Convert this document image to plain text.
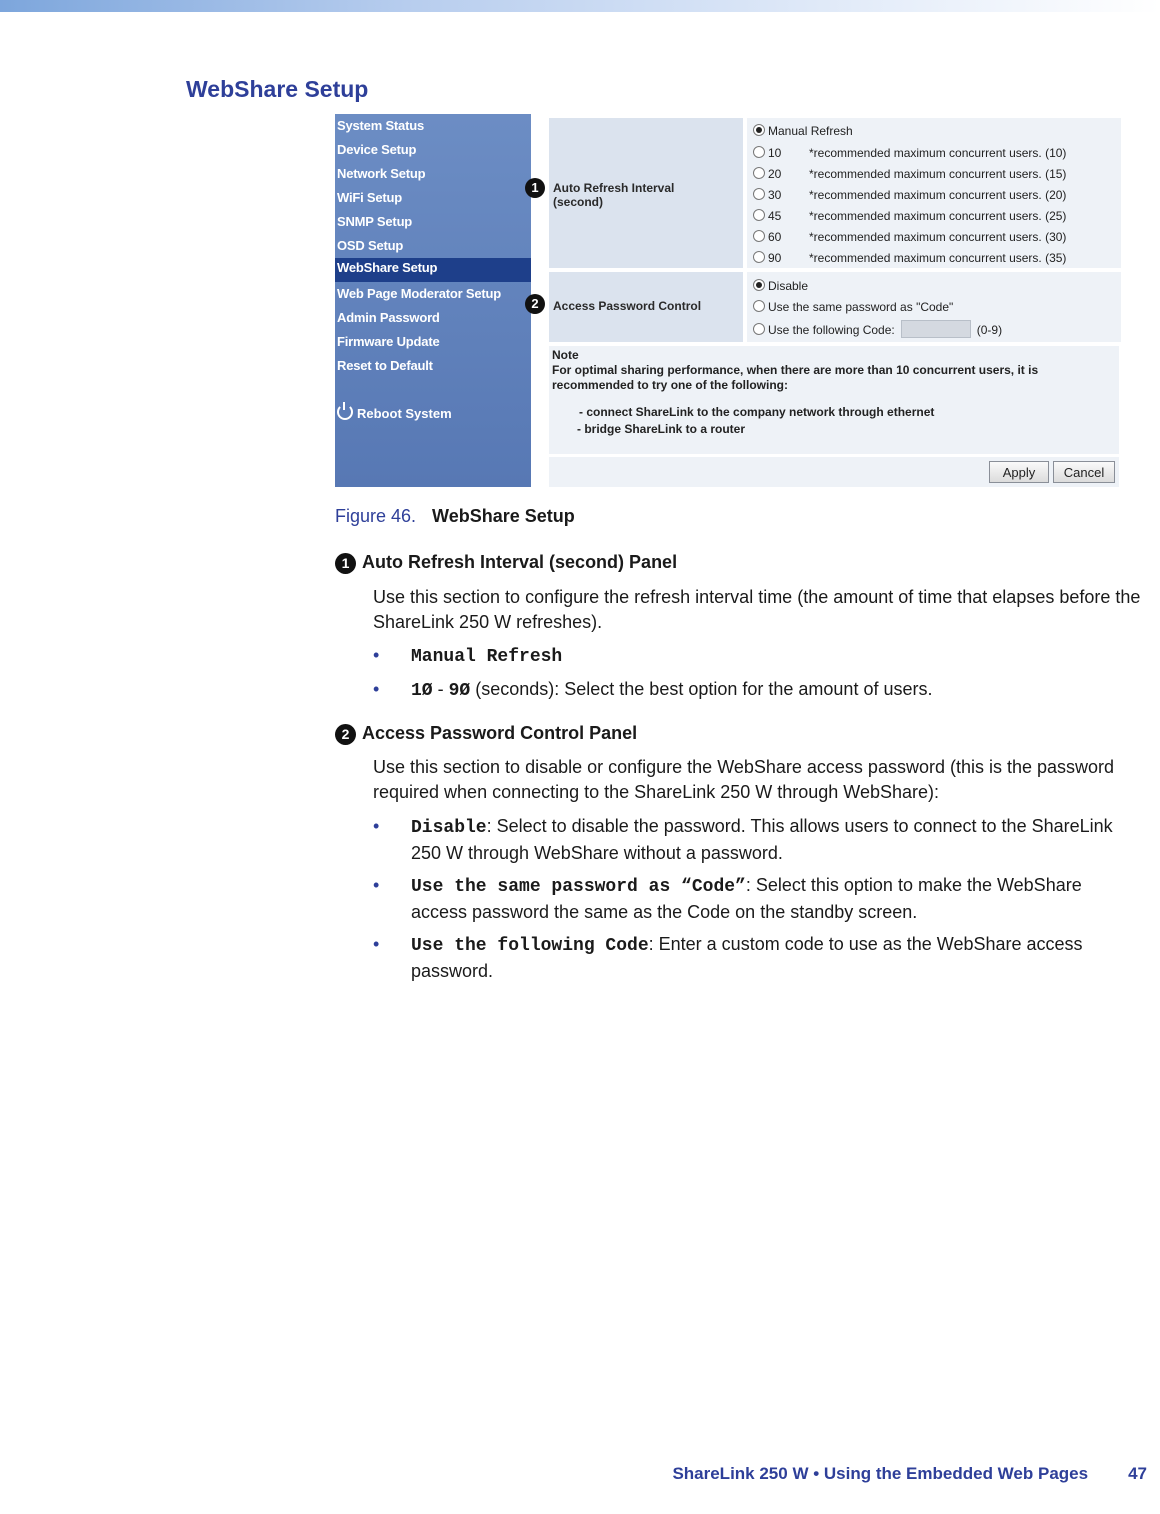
WebShare Setup
System Status
Device Setup
Network Setup
WiFi Setup
SNMP Setup
OSD Setup
WebShare Setup
Web Page Moderator Setup
Admin Password
Firmware Update
Reset to Default
Reboot System
Auto Refresh Interval
(second)
1
Manual Refresh
10 *recommended maximum concurrent users. (10)
20 *recommended maximum concurrent users. (15)
30 *recommended maximum concurrent users. (20)
45 *recommended maximum concurrent users. (25)
60 *recommended maximum concurrent users. (30)
90 *recommended maximum concurrent users. (35)
Access Password Control
2
Disable
Use the same password as "Code"
Use the following Code:	(0-9)
Note
For optimal sharing performance, when there are more than 10 concurrent users, it is
recommended to try one of the following:
- connect ShareLink to the company network through ethernet
- bridge ShareLink to a router
Apply	Cancel
Figure 46. WebShare Setup
1 Auto Refresh Interval (second) Panel
Use this section to configure the refresh interval time (the amount of time that elapses before the ShareLink 250 W refreshes).
• Manual Refresh
• 1Ø - 9Ø (seconds): Select the best option for the amount of users.
2 Access Password Control Panel
Use this section to disable or configure the WebShare access password (this is the password required when connecting to the ShareLink 250 W through WebShare):
• Disable: Select to disable the password. This allows users to connect to the ShareLink 250 W through WebShare without a password.
• Use the same password as “Code”: Select this option to make the WebShare access password the same as the Code on the standby screen.
• Use the following Code: Enter a custom code to use as the WebShare access password.
ShareLink 250 W • Using the Embedded Web Pages 47
